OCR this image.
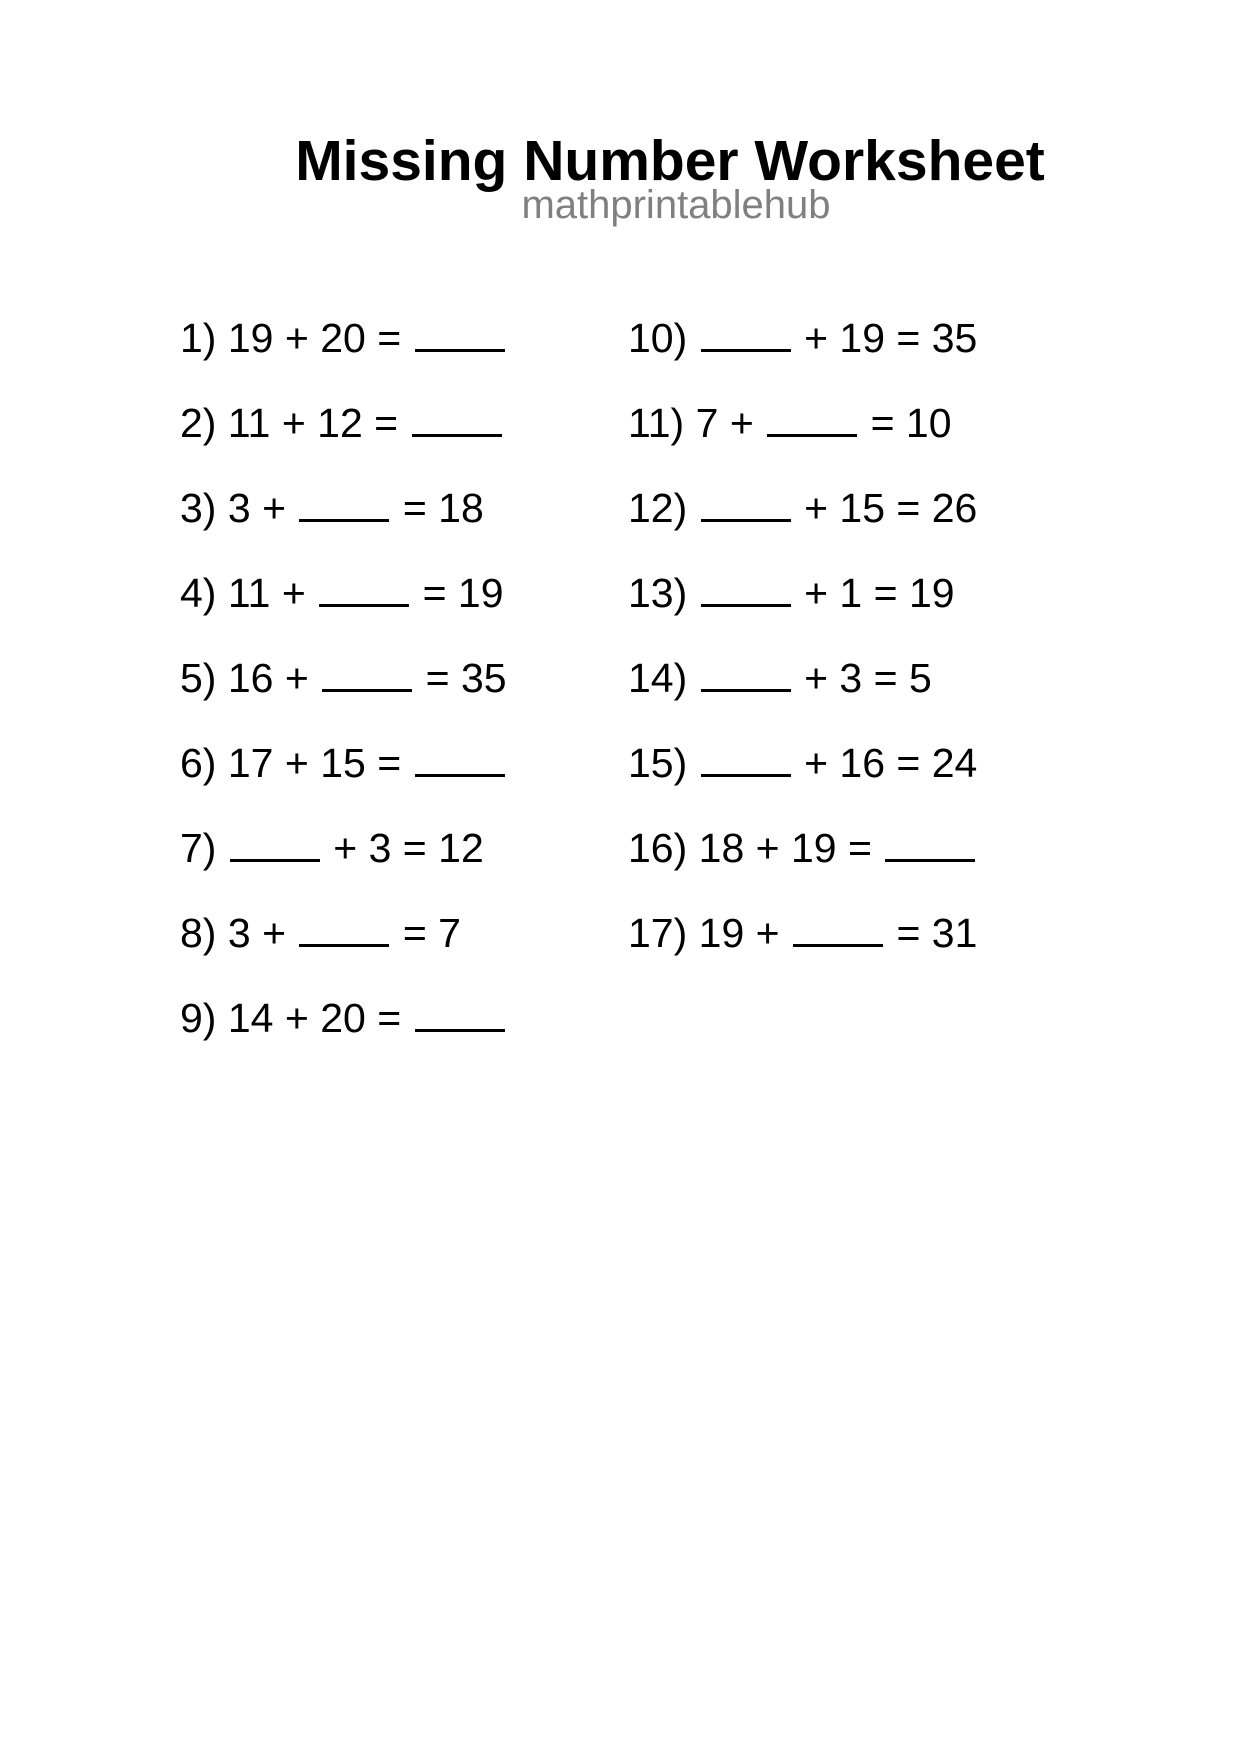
Missing Number Worksheet
mathprintablehub
1) 19 + 20 =
2) 11 + 12 =
3) 3 +	= 18
4) 11 +	= 19
5) 16 +	= 35
6) 17 + 15 =
7)	+ 3 = 12
8) 3 +	= 7
9) 14 + 20 =
10)	+ 19 = 35
11) 7 +	= 10
12)	+ 15 = 26
13)	+ 1 = 19
14)	+ 3 = 5
15)	+ 16 = 24
16) 18 + 19 =
17) 19 +	= 31
